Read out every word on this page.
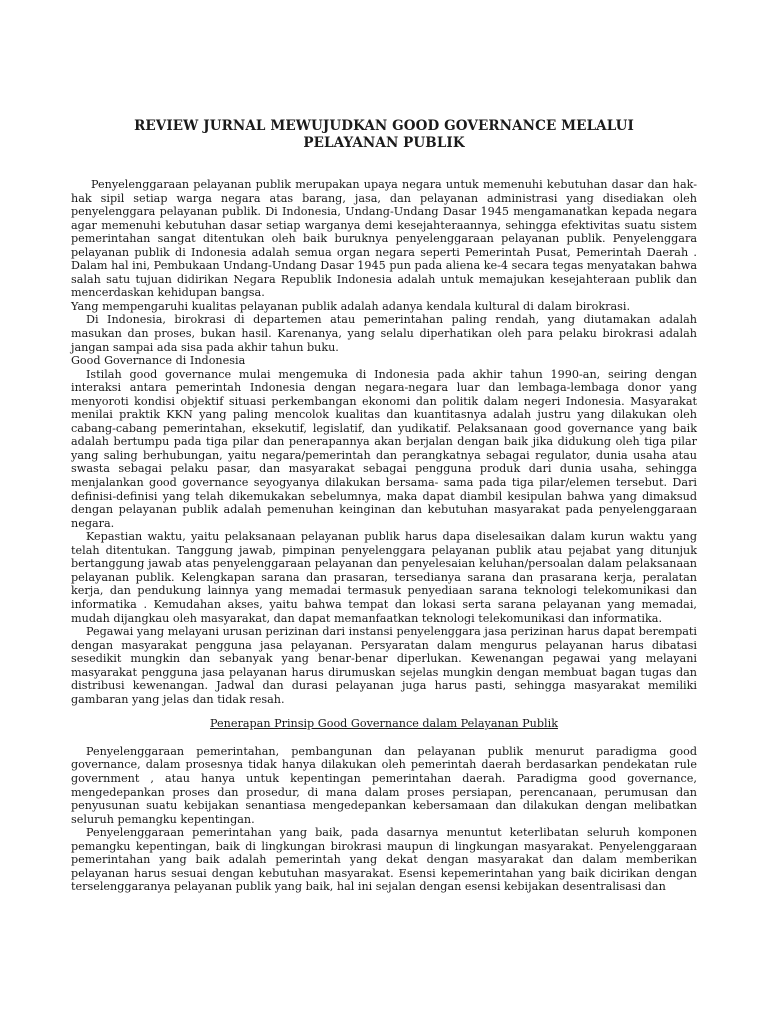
REVIEW JURNAL MEWUJUDKAN GOOD GOVERNANCE MELALUI
PELAYANAN PUBLIK

Penyelenggaraan pelayanan publik merupakan upaya negara untuk memenuhi kebutuhan dasar dan hak-hak sipil setiap warga negara atas barang, jasa, dan pelayanan administrasi yang disediakan oleh penyelenggara pelayanan publik. Di Indonesia, Undang-Undang Dasar 1945 mengamanatkan kepada negara agar memenuhi kebutuhan dasar setiap warganya demi kesejahteraannya, sehingga efektivitas suatu sistem pemerintahan sangat ditentukan oleh baik buruknya penyelenggaraan pelayanan publik. Penyelenggara pelayanan publik di Indonesia adalah semua organ negara seperti Pemerintah Pusat, Pemerintah Daerah . Dalam hal ini, Pembukaan Undang-Undang Dasar 1945 pun pada aliena ke-4 secara tegas menyatakan bahwa salah satu tujuan didirikan Negara Republik Indonesia adalah untuk memajukan kesejahteraan publik dan mencerdaskan kehidupan bangsa.

Yang mempengaruhi kualitas pelayanan publik adalah adanya kendala kultural di dalam birokrasi.

Di Indonesia, birokrasi di departemen atau pemerintahan paling rendah, yang diutamakan adalah masukan dan proses, bukan hasil. Karenanya, yang selalu diperhatikan oleh para pelaku birokrasi adalah jangan sampai ada sisa pada akhir tahun buku.

Good Governance di Indonesia

Istilah good governance mulai mengemuka di Indonesia pada akhir tahun 1990-an, seiring dengan interaksi antara pemerintah Indonesia dengan negara-negara luar dan lembaga-lembaga donor yang menyoroti kondisi objektif situasi perkembangan ekonomi dan politik dalam negeri Indonesia. Masyarakat menilai praktik KKN yang paling mencolok kualitas dan kuantitasnya adalah justru yang dilakukan oleh cabang-cabang pemerintahan, eksekutif, legislatif, dan yudikatif. Pelaksanaan good governance yang baik adalah bertumpu pada tiga pilar dan penerapannya akan berjalan dengan baik jika didukung oleh tiga pilar yang saling berhubungan, yaitu negara/pemerintah dan perangkatnya sebagai regulator, dunia usaha atau swasta sebagai pelaku pasar, dan masyarakat sebagai pengguna produk dari dunia usaha, sehingga menjalankan good governance seyogyanya dilakukan bersama- sama pada tiga pilar/elemen tersebut. Dari definisi-definisi yang telah dikemukakan sebelumnya, maka dapat diambil kesipulan bahwa yang dimaksud dengan pelayanan publik adalah pemenuhan keinginan dan kebutuhan masyarakat pada penyelenggaraan negara.

Kepastian waktu, yaitu pelaksanaan pelayanan publik harus dapa diselesaikan dalam kurun waktu yang telah ditentukan. Tanggung jawab, pimpinan penyelenggara pelayanan publik atau pejabat yang ditunjuk bertanggung jawab atas penyelenggaraan pelayanan dan penyelesaian keluhan/persoalan dalam pelaksanaan pelayanan publik. Kelengkapan sarana dan prasaran, tersedianya sarana dan prasarana kerja, peralatan kerja, dan pendukung lainnya yang memadai termasuk penyediaan sarana teknologi telekomunikasi dan informatika . Kemudahan akses, yaitu bahwa tempat dan lokasi serta sarana pelayanan yang memadai, mudah dijangkau oleh masyarakat, dan dapat memanfaatkan teknologi telekomunikasi dan informatika.

Pegawai yang melayani urusan perizinan dari instansi penyelenggara jasa perizinan harus dapat berempati dengan masyarakat pengguna jasa pelayanan. Persyaratan dalam mengurus pelayanan harus dibatasi sesedikit mungkin dan sebanyak yang benar-benar diperlukan. Kewenangan pegawai yang melayani masyarakat pengguna jasa pelayanan harus dirumuskan sejelas mungkin dengan membuat bagan tugas dan distribusi kewenangan. Jadwal dan durasi pelayanan juga harus pasti, sehingga masyarakat memiliki gambaran yang jelas dan tidak resah.

Penerapan Prinsip Good Governance dalam Pelayanan Publik

Penyelenggaraan pemerintahan, pembangunan dan pelayanan publik menurut paradigma good governance, dalam prosesnya tidak hanya dilakukan oleh pemerintah daerah berdasarkan pendekatan rule government , atau hanya untuk kepentingan pemerintahan daerah. Paradigma good governance, mengedepankan proses dan prosedur, di mana dalam proses persiapan, perencanaan, perumusan dan penyusunan suatu kebijakan senantiasa mengedepankan kebersamaan dan dilakukan dengan melibatkan seluruh pemangku kepentingan.

Penyelenggaraan pemerintahan yang baik, pada dasarnya menuntut keterlibatan seluruh komponen pemangku kepentingan, baik di lingkungan birokrasi maupun di lingkungan masyarakat. Penyelenggaraan pemerintahan yang baik adalah pemerintah yang dekat dengan masyarakat dan dalam memberikan pelayanan harus sesuai dengan kebutuhan masyarakat. Esensi kepemerintahan yang baik dicirikan dengan terselenggaranya pelayanan publik yang baik, hal ini sejalan dengan esensi kebijakan desentralisasi dan
